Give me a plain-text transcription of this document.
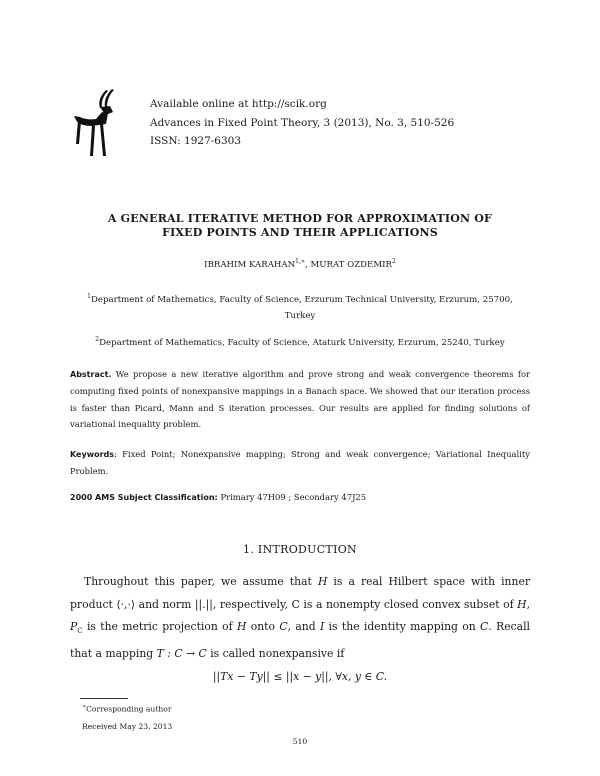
Available online at http://scik.org
Advances in Fixed Point Theory, 3 (2013), No. 3, 510-526
ISSN: 1927-6303
A GENERAL ITERATIVE METHOD FOR APPROXIMATION OF
FIXED POINTS AND THEIR APPLICATIONS
IBRAHIM $KARAHAN^{1,∗}$, MURAT OZDEMIR$^2$
$^1$Department of Mathematics, Faculty of Science, Erzurum Technical University, Erzurum, 25700,
Turkey
$^2$Department of Mathematics, Faculty of Science, Ataturk University, Erzurum, 25240, Turkey
Abstract. We propose a new iterative algorithm and prove strong and weak convergence theorems for computing fixed points of nonexpansive mappings in a Banach space. We showed that our iteration process is faster than Picard, Mann and S iteration processes. Our results are applied for finding solutions of variational inequality problem.
Keywords: Fixed Point; Nonexpansive mapping; Strong and weak convergence; Variational Inequality Problem.
2000 AMS Subject Classification: Primary 47H09 ; Secondary 47J25
1. INTRODUCTION
Throughout this paper, we assume that H is a real Hilbert space with inner product ⟨·,·⟩ and norm ||.||, respectively, C is a nonempty closed convex subset of H, $P_C$ is the metric projection of H onto C, and I is the identity mapping on C. Recall that a mapping T : C → C is called nonexpansive if
||Tx − Ty|| ≤ ||x − y||, ∀x, y ∈ C.
∗Corresponding author
Received May 23, 2013
510
